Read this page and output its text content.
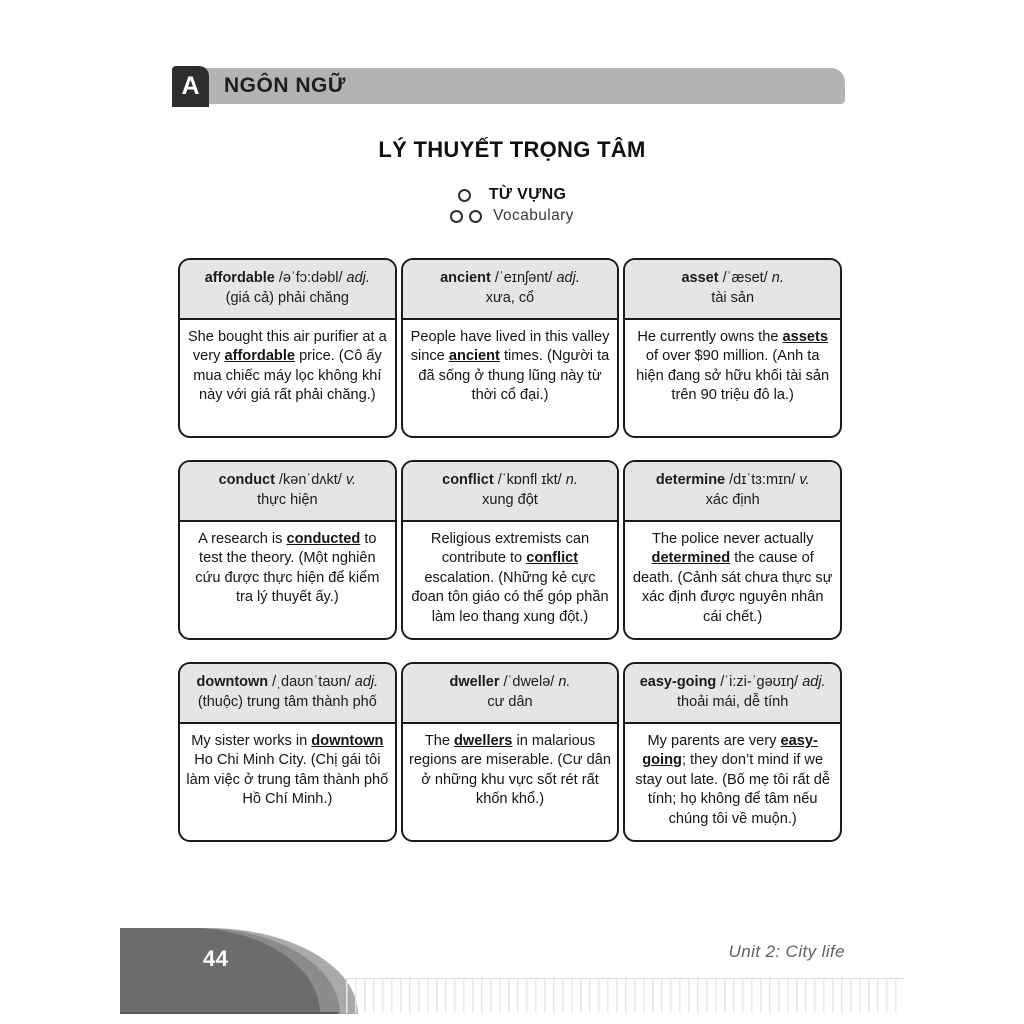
NGÔN NGỮ
A
LÝ THUYẾT TRỌNG TÂM
TỪ VỰNG
Vocabulary
affordable /əˈfɔ:dəbl/ adj.
(giá cả) phải chăng
She bought this air purifier at a very affordable price. (Cô ấy mua chiếc máy lọc không khí này với giá rất phải chăng.)
ancient /ˈeɪnʃənt/ adj.
xưa, cổ
People have lived in this valley since ancient times. (Người ta đã sống ở thung lũng này từ thời cổ đại.)
asset /ˈæset/ n.
tài sản
He currently owns the assets of over $90 million. (Anh ta hiện đang sở hữu khối tài sản trên 90 triệu đô la.)
conduct /kənˈdʌkt/ v.
thực hiện
A research is conducted to test the theory. (Một nghiên cứu được thực hiện để kiểm tra lý thuyết ấy.)
conflict /ˈkɒnfl ɪkt/ n.
xung đột
Religious extremists can contribute to conflict escalation. (Những kẻ cực đoan tôn giáo có thể góp phần làm leo thang xung đột.)
determine /dɪˈtɜ:mɪn/ v.
xác định
The police never actually determined the cause of death. (Cảnh sát chưa thực sự xác định được nguyên nhân cái chết.)
downtown /ˌdaʊnˈtaʊn/ adj.
(thuộc) trung tâm thành phố
My sister works in downtown Ho Chi Minh City. (Chị gái tôi làm việc ở trung tâm thành phố Hồ Chí Minh.)
dweller /ˈdwelə/ n.
cư dân
The dwellers in malarious regions are miserable. (Cư dân ở những khu vực sốt rét rất khốn khổ.)
easy-going /ˈi:zi-ˈgəʊɪŋ/ adj.
thoải mái, dễ tính
My parents are very easy-going; they don’t mind if we stay out late. (Bố mẹ tôi rất dễ tính; họ không để tâm nếu chúng tôi về muộn.)
44	Unit 2: City life
